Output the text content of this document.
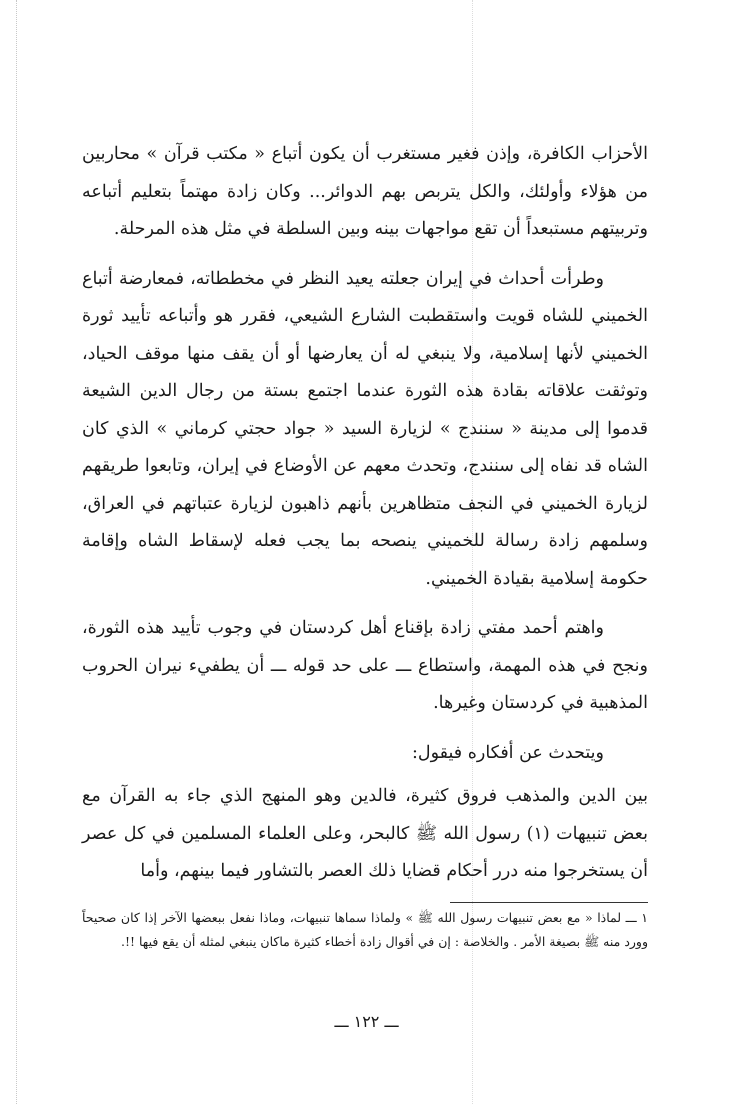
الأحزاب الكافرة، وإذن فغير مستغرب أن يكون أتباع « مكتب قرآن » محاربين من هؤلاء وأولئك، والكل يتربص بهم الدوائر... وكان زادة مهتماً بتعليم أتباعه وتربيتهم مستبعداً أن تقع مواجهات بينه وبين السلطة في مثل هذه المرحلة.

وطرأت أحداث في إيران جعلته يعيد النظر في مخططاته، فمعارضة أتباع الخميني للشاه قويت واستقطبت الشارع الشيعي، فقرر هو وأتباعه تأييد ثورة الخميني لأنها إسلامية، ولا ينبغي له أن يعارضها أو أن يقف منها موقف الحياد، وتوثقت علاقاته بقادة هذه الثورة عندما اجتمع بستة من رجال الدين الشيعة قدموا إلى مدينة « سنندج » لزيارة السيد « جواد حجتي كرماني » الذي كان الشاه قد نفاه إلى سنندج، وتحدث معهم عن الأوضاع في إيران، وتابعوا طريقهم لزيارة الخميني في النجف متظاهرين بأنهم ذاهبون لزيارة عتباتهم في العراق، وسلمهم زادة رسالة للخميني ينصحه بما يجب فعله لإسقاط الشاه وإقامة حكومة إسلامية بقيادة الخميني.

واهتم أحمد مفتي زادة بإقناع أهل كردستان في وجوب تأييد هذه الثورة، ونجح في هذه المهمة، واستطاع ـــ على حد قوله ـــ أن يطفيء نيران الحروب المذهبية في كردستان وغيرها.

ويتحدث عن أفكاره فيقول:

بين الدين والمذهب فروق كثيرة، فالدين وهو المنهج الذي جاء به القرآن مع بعض تنبيهات (١) رسول الله ﷺ كالبحر، وعلى العلماء المسلمين في كل عصر أن يستخرجوا منه درر أحكام قضايا ذلك العصر بالتشاور فيما بينهم، وأما

١ ـــ لماذا « مع بعض تنبيهات رسول الله ﷺ » ولماذا سماها تنبيهات، وماذا نفعل ببعضها الآخر إذا كان صحيحاً وورد منه ﷺ بصيغة الأمر . والخلاصة : إن في أقوال زادة أخطاء كثيرة ماكان ينبغي لمثله أن يقع فيها !!.

ـــ ١٢٢ ـــ
